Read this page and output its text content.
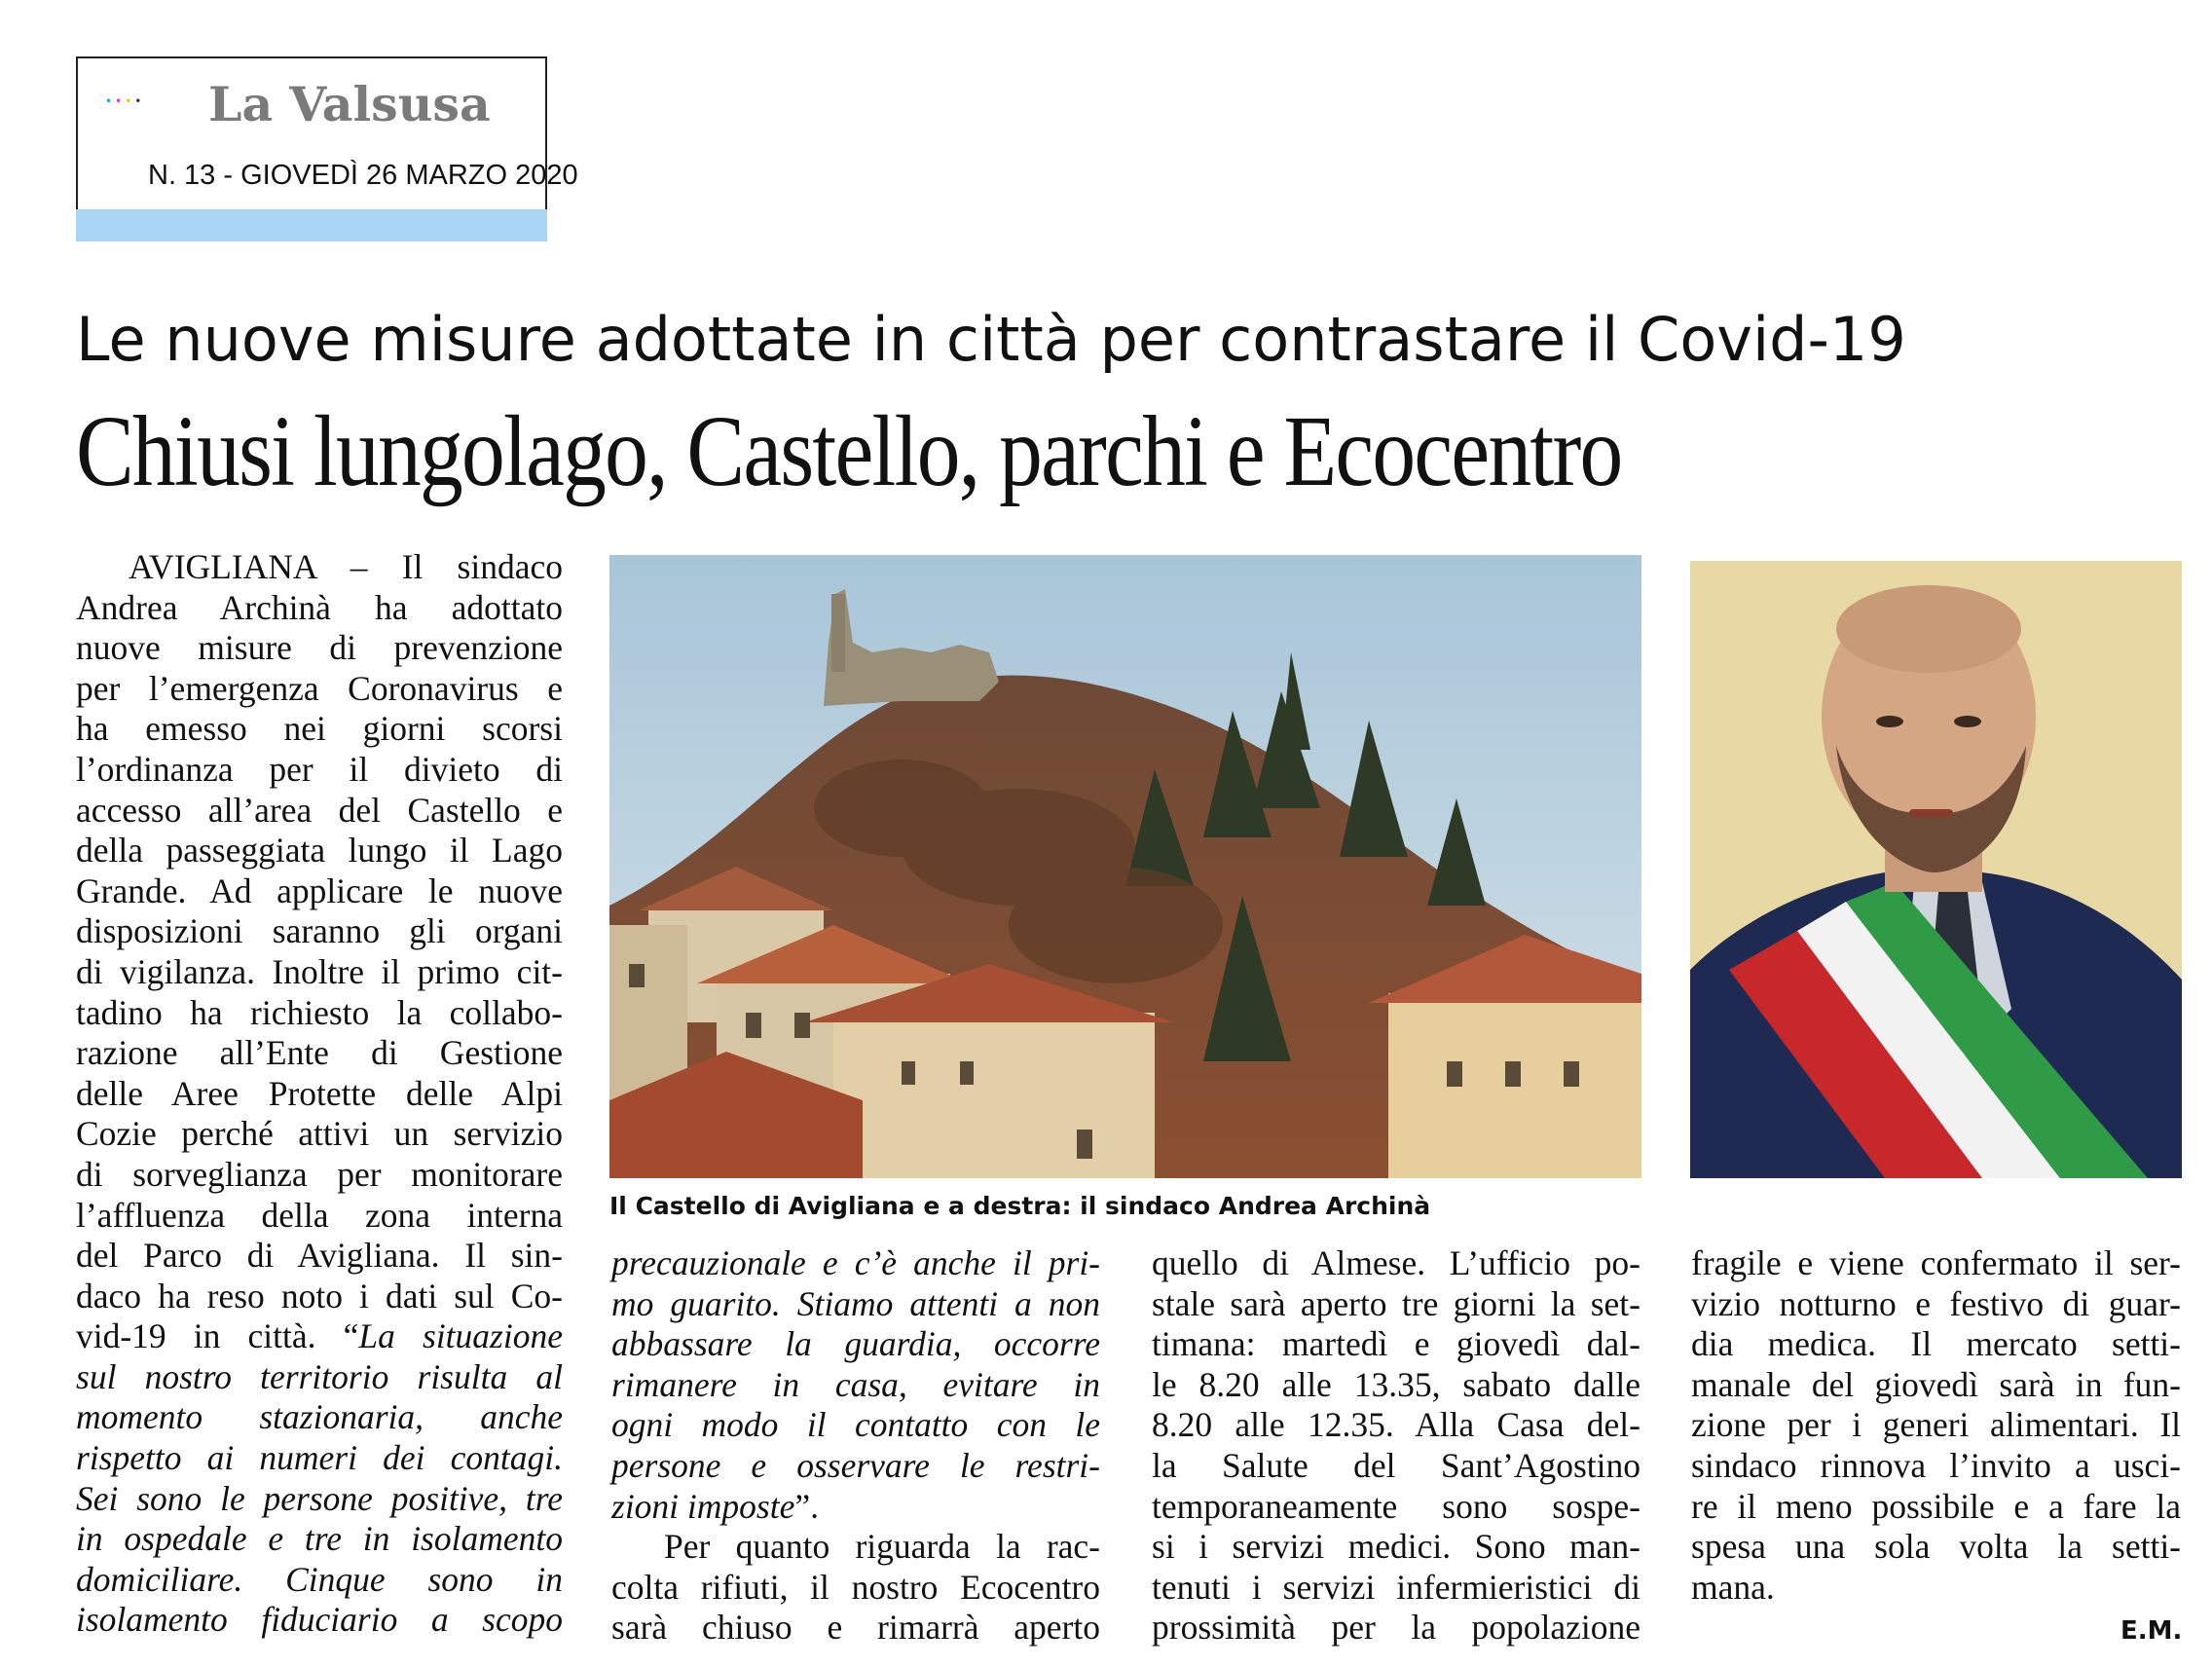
•••• La Valsusa
N. 13 - GIOVEDÌ 26 MARZO 2020
Le nuove misure adottate in città per contrastare il Covid-19
Chiusi lungolago, Castello, parchi e Ecocentro
AVIGLIANA – Il sindaco
Andrea Archinà ha adottato
nuove misure di prevenzione
per l’emergenza Coronavirus e
ha emesso nei giorni scorsi
l’ordinanza per il divieto di
accesso all’area del Castello e
della passeggiata lungo il Lago
Grande. Ad applicare le nuove
disposizioni saranno gli organi
di vigilanza. Inoltre il primo cit-
tadino ha richiesto la collabo-
razione all’Ente di Gestione
delle Aree Protette delle Alpi
Cozie perché attivi un servizio
di sorveglianza per monitorare
l’affluenza della zona interna
del Parco di Avigliana. Il sin-
daco ha reso noto i dati sul Co-
vid-19 in città. “La situazione
sul nostro territorio risulta al
momento stazionaria, anche
rispetto ai numeri dei contagi.
Sei sono le persone positive, tre
in ospedale e tre in isolamento
domiciliare. Cinque sono in
isolamento fiduciario a scopo
Il Castello di Avigliana e a destra: il sindaco Andrea Archinà
precauzionale e c’è anche il pri-
mo guarito. Stiamo attenti a non
abbassare la guardia, occorre
rimanere in casa, evitare in
ogni modo il contatto con le
persone e osservare le restri-
zioni imposte”.
Per quanto riguarda la rac-
colta rifiuti, il nostro Ecocentro
sarà chiuso e rimarrà aperto
quello di Almese. L’ufficio po-
stale sarà aperto tre giorni la set-
timana: martedì e giovedì dal-
le 8.20 alle 13.35, sabato dalle
8.20 alle 12.35. Alla Casa del-
la Salute del Sant’Agostino
temporaneamente sono sospe-
si i servizi medici. Sono man-
tenuti i servizi infermieristici di
prossimità per la popolazione
fragile e viene confermato il ser-
vizio notturno e festivo di guar-
dia medica. Il mercato setti-
manale del giovedì sarà in fun-
zione per i generi alimentari. Il
sindaco rinnova l’invito a usci-
re il meno possibile e a fare la
spesa una sola volta la setti-
mana.
E.M.
